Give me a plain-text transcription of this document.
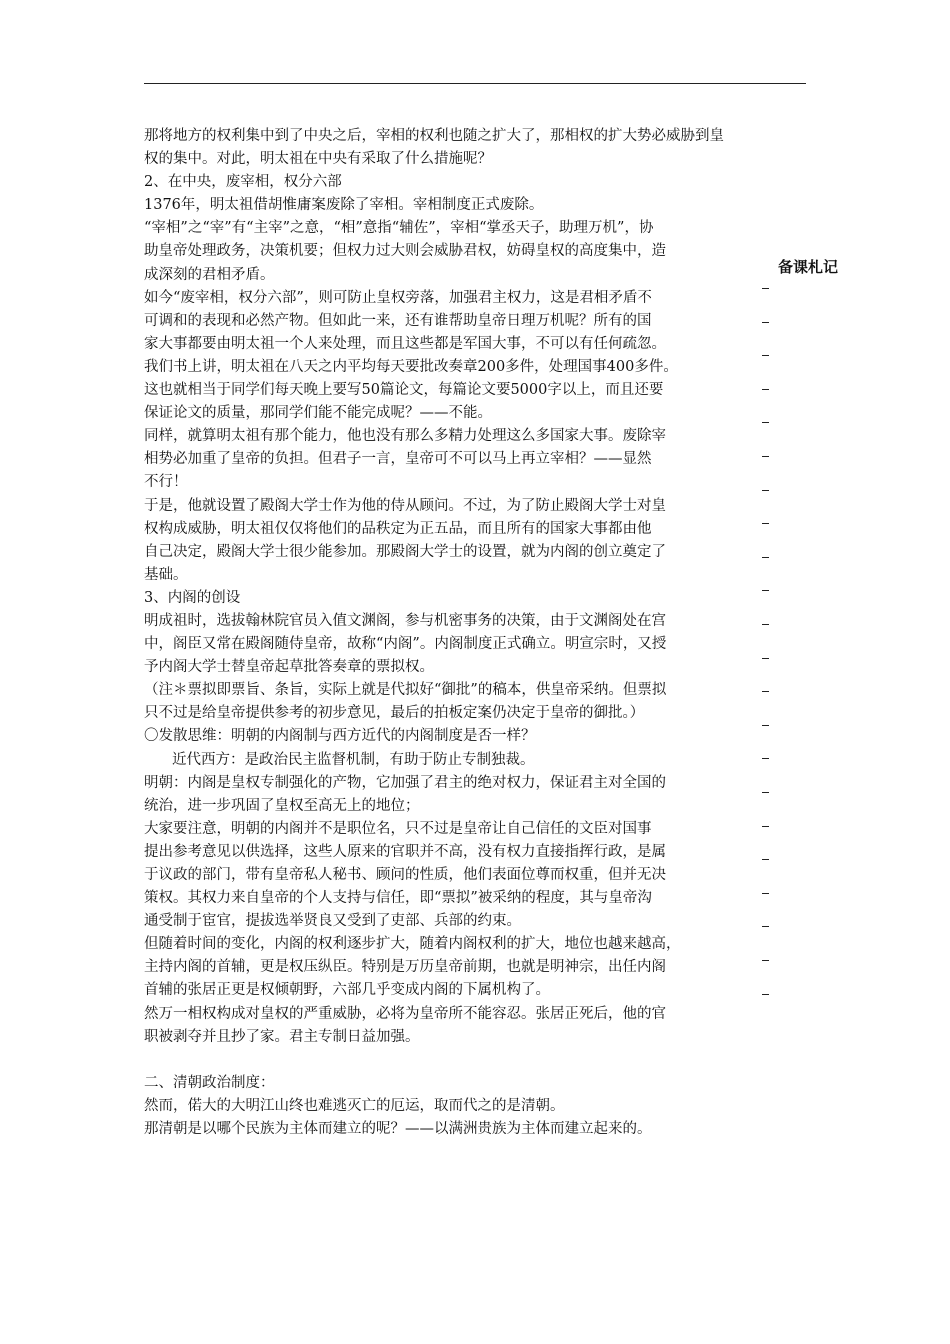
备课札记

那将地方的权利集中到了中央之后，宰相的权利也随之扩大了，那相权的扩大势必威胁到皇

权的集中。对此，明太祖在中央有采取了什么措施呢？

2、在中央，废宰相，权分六部

1376年，明太祖借胡惟庸案废除了宰相。宰相制度正式废除。

“宰相”之“宰”有“主宰”之意，“相”意指“辅佐”，宰相“掌丞天子，助理万机”，协

助皇帝处理政务，决策机要；但权力过大则会威胁君权，妨碍皇权的高度集中，造

成深刻的君相矛盾。

如今“废宰相，权分六部”，则可防止皇权旁落，加强君主权力，这是君相矛盾不

可调和的表现和必然产物。但如此一来，还有谁帮助皇帝日理万机呢？所有的国

家大事都要由明太祖一个人来处理，而且这些都是军国大事，不可以有任何疏忽。

我们书上讲，明太祖在八天之内平均每天要批改奏章200多件，处理国事400多件。

这也就相当于同学们每天晚上要写50篇论文，每篇论文要5000字以上，而且还要

保证论文的质量，那同学们能不能完成呢？——不能。

同样，就算明太祖有那个能力，他也没有那么多精力处理这么多国家大事。废除宰

相势必加重了皇帝的负担。但君子一言，皇帝可不可以马上再立宰相？——显然

不行！

于是，他就设置了殿阁大学士作为他的侍从顾问。不过，为了防止殿阁大学士对皇

权构成威胁，明太祖仅仅将他们的品秩定为正五品，而且所有的国家大事都由他

自己决定，殿阁大学士很少能参加。那殿阁大学士的设置，就为内阁的创立奠定了

基础。

3、内阁的创设

明成祖时，选拔翰林院官员入值文渊阁，参与机密事务的决策，由于文渊阁处在宫

中，阁臣又常在殿阁随侍皇帝，故称“内阁”。内阁制度正式确立。明宣宗时，又授

予内阁大学士替皇帝起草批答奏章的票拟权。

（注＊票拟即票旨、条旨，实际上就是代拟好“御批”的稿本，供皇帝采纳。但票拟

只不过是给皇帝提供参考的初步意见，最后的拍板定案仍决定于皇帝的御批。）

〇发散思维：明朝的内阁制与西方近代的内阁制度是否一样？

近代西方：是政治民主监督机制，有助于防止专制独裁。

明朝：内阁是皇权专制强化的产物，它加强了君主的绝对权力，保证君主对全国的

统治，进一步巩固了皇权至高无上的地位；

大家要注意，明朝的内阁并不是职位名，只不过是皇帝让自己信任的文臣对国事

提出参考意见以供选择，这些人原来的官职并不高，没有权力直接指挥行政，是属

于议政的部门，带有皇帝私人秘书、顾问的性质，他们表面位尊而权重，但并无决

策权。其权力来自皇帝的个人支持与信任，即“票拟”被采纳的程度，其与皇帝沟

通受制于宦官，提拔选举贤良又受到了吏部、兵部的约束。

但随着时间的变化，内阁的权利逐步扩大，随着内阁权利的扩大，地位也越来越高，

主持内阁的首辅，更是权压纵臣。特别是万历皇帝前期，也就是明神宗，出任内阁

首辅的张居正更是权倾朝野，六部几乎变成内阁的下属机构了。

然万一相权构成对皇权的严重威胁，必将为皇帝所不能容忍。张居正死后，他的官

职被剥夺并且抄了家。君主专制日益加强。

二、清朝政治制度：

然而，偌大的大明江山终也难逃灭亡的厄运，取而代之的是清朝。

那清朝是以哪个民族为主体而建立的呢？——以满洲贵族为主体而建立起来的。
